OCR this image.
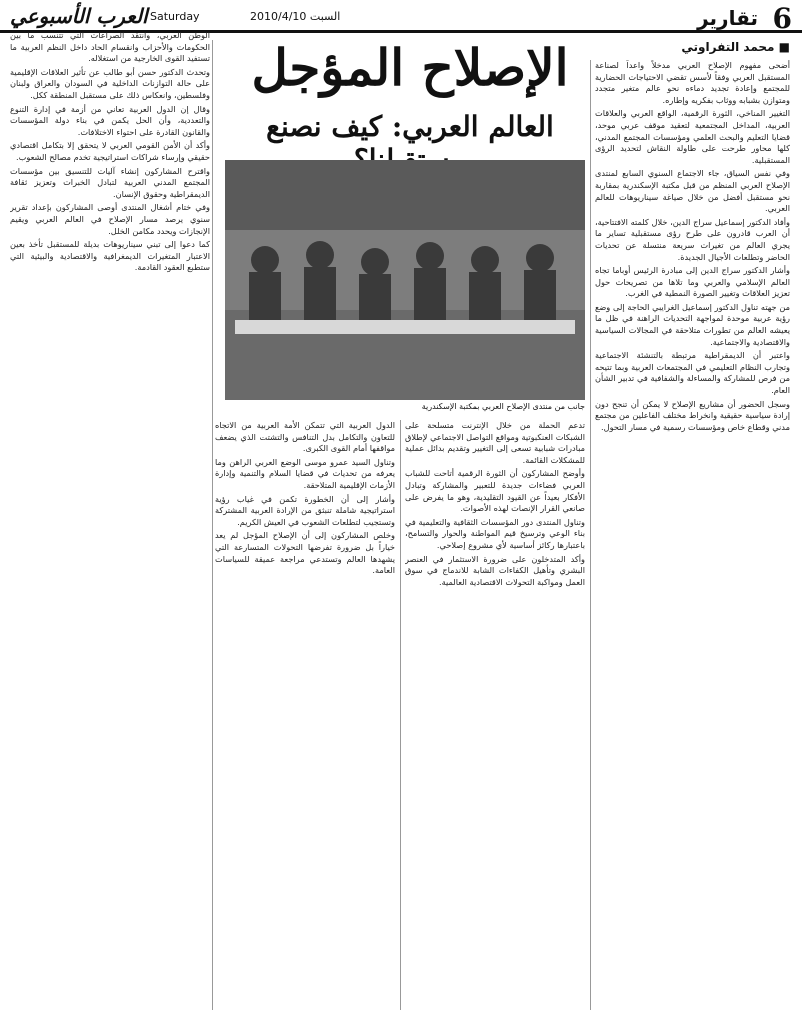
6
تقارير
العرب الأسبوعي	السبت 2010/4/10
Saturday
■ محمد التفراوتي
الإصلاح المؤجل
العالم العربي: كيف نصنع

أضحى مفهوم الإصلاح العربي مدخلاً واعداً لصناعة المستقبل العربي وفقاً لأسس تقضي الاحتياجات الحضارية للمجتمع وإعادة تجديد دماءه نحو عالم متغير متجدد ومتوازن بشبابه ووثاب بفكريه وإطاره.

التغيير المناخي، الثورة الرقمية، الواقع العربي والعلاقات العربية، المداخل المجتمعية لتعقيد موقف عربي موحد، قضايا التعليم والبحث العلمي ومؤسسات المجتمع المدني، كلها محاور طرحت على طاولة النقاش لتحديد الرؤى المستقبلية.

وفي نفس السياق، جاء الاجتماع السنوي السابع لمنتدى الإصلاح العربي المنظم من قبل مكتبة الإسكندرية بمقاربة نحو مستقبل أفضل من خلال صياغة سيناريوهات للعالم العربي.

وأفاد الدكتور إسماعيل سراج الدين، خلال كلمته الافتتاحية، أن العرب قادرون على طرح رؤى مستقبلية تساير ما يجري العالم من تغيرات سريعة منتسلة عن تحديات الحاضر وتطلعات الأجيال الجديدة.

وأشار الدكتور سراج الدين إلى مبادرة الرئيس أوباما تجاه العالم الإسلامي والعربي وما تلاها من تصريحات حول تعزيز العلاقات وتغيير الصورة النمطية في الغرب.

من جهته تناول الدكتور إسماعيل الغرايبي الحاجة إلى وضع رؤية عربية موحدة لمواجهة التحديات الراهنة في ظل ما يعيشه العالم من تطورات متلاحقة في المجالات السياسية والاقتصادية والاجتماعية.

واعتبر أن الديمقراطية مرتبطة بالتنشئة الاجتماعية وتجارب النظام التعليمي في المجتمعات العربية وبما تتيحه من فرص للمشاركة والمساءلة والشفافية في تدبير الشأن العام.

وسجل الحضور أن مشاريع الإصلاح لا يمكن أن تنجح دون إرادة سياسية حقيقية وانخراط مختلف الفاعلين من مجتمع مدني وقطاع خاص ومؤسسات رسمية في مسار التحول.

جانب من منتدى الإصلاح العربي بمكتبة الإسكندرية

تدعم الحملة من خلال الإنترنت متسلحة على الشبكات العنكبوتية ومواقع التواصل الاجتماعي لإطلاق مبادرات شبابية تسعى إلى التغيير وتقديم بدائل عملية للمشكلات القائمة.

وأوضح المشاركون أن الثورة الرقمية أتاحت للشباب العربي فضاءات جديدة للتعبير والمشاركة وتبادل الأفكار بعيداً عن القيود التقليدية، وهو ما يفرض على صانعي القرار الإنصات لهذه الأصوات.

وتناول المنتدى دور المؤسسات الثقافية والتعليمية في بناء الوعي وترسيخ قيم المواطنة والحوار والتسامح، باعتبارها ركائز أساسية لأي مشروع إصلاحي.

وأكد المتدخلون على ضرورة الاستثمار في العنصر البشري وتأهيل الكفاءات الشابة للاندماج في سوق العمل ومواكبة التحولات الاقتصادية العالمية.

الدول العربية التي تتمكن الأمة العربية من الاتجاه للتعاون والتكامل بدل التنافس والتشتت الذي يضعف مواقفها أمام القوى الكبرى.

وتناول السيد عمرو موسى الوضع العربي الراهن وما يعرفه من تحديات في قضايا السلام والتنمية وإدارة الأزمات الإقليمية المتلاحقة.

وأشار إلى أن الخطورة تكمن في غياب رؤية استراتيجية شاملة تنبثق من الإرادة العربية المشتركة وتستجيب لتطلعات الشعوب في العيش الكريم.

وخلص المشاركون إلى أن الإصلاح المؤجل لم يعد خياراً بل ضرورة تفرضها التحولات المتسارعة التي يشهدها العالم وتستدعي مراجعة عميقة للسياسات العامة.

الوطن العربي، وانتقد الصراعات التي تتنسب ما بين الحكومات والأحزاب وانقسام الحاد داخل النظم العربية ما تستفيد القوى الخارجية من استغلاله.

وتحدث الدكتور حسن أبو طالب عن تأثير العلاقات الإقليمية على حالة التوازنات الداخلية في السودان والعراق ولبنان وفلسطين، وانعكاس ذلك على مستقبل المنطقة ككل.

وقال إن الدول العربية تعاني من أزمة في إدارة التنوع والتعددية، وأن الحل يكمن في بناء دولة المؤسسات والقانون القادرة على احتواء الاختلافات.

وأكد أن الأمن القومي العربي لا يتحقق إلا بتكامل اقتصادي حقيقي وإرساء شراكات استراتيجية تخدم مصالح الشعوب.

واقترح المشاركون إنشاء آليات للتنسيق بين مؤسسات المجتمع المدني العربية لتبادل الخبرات وتعزيز ثقافة الديمقراطية وحقوق الإنسان.

وفي ختام أشغال المنتدى أوصى المشاركون بإعداد تقرير سنوي يرصد مسار الإصلاح في العالم العربي ويقيم الإنجازات ويحدد مكامن الخلل.

كما دعوا إلى تبني سيناريوهات بديلة للمستقبل تأخذ بعين الاعتبار المتغيرات الديمغرافية والاقتصادية والبيئية التي ستطبع العقود القادمة.
